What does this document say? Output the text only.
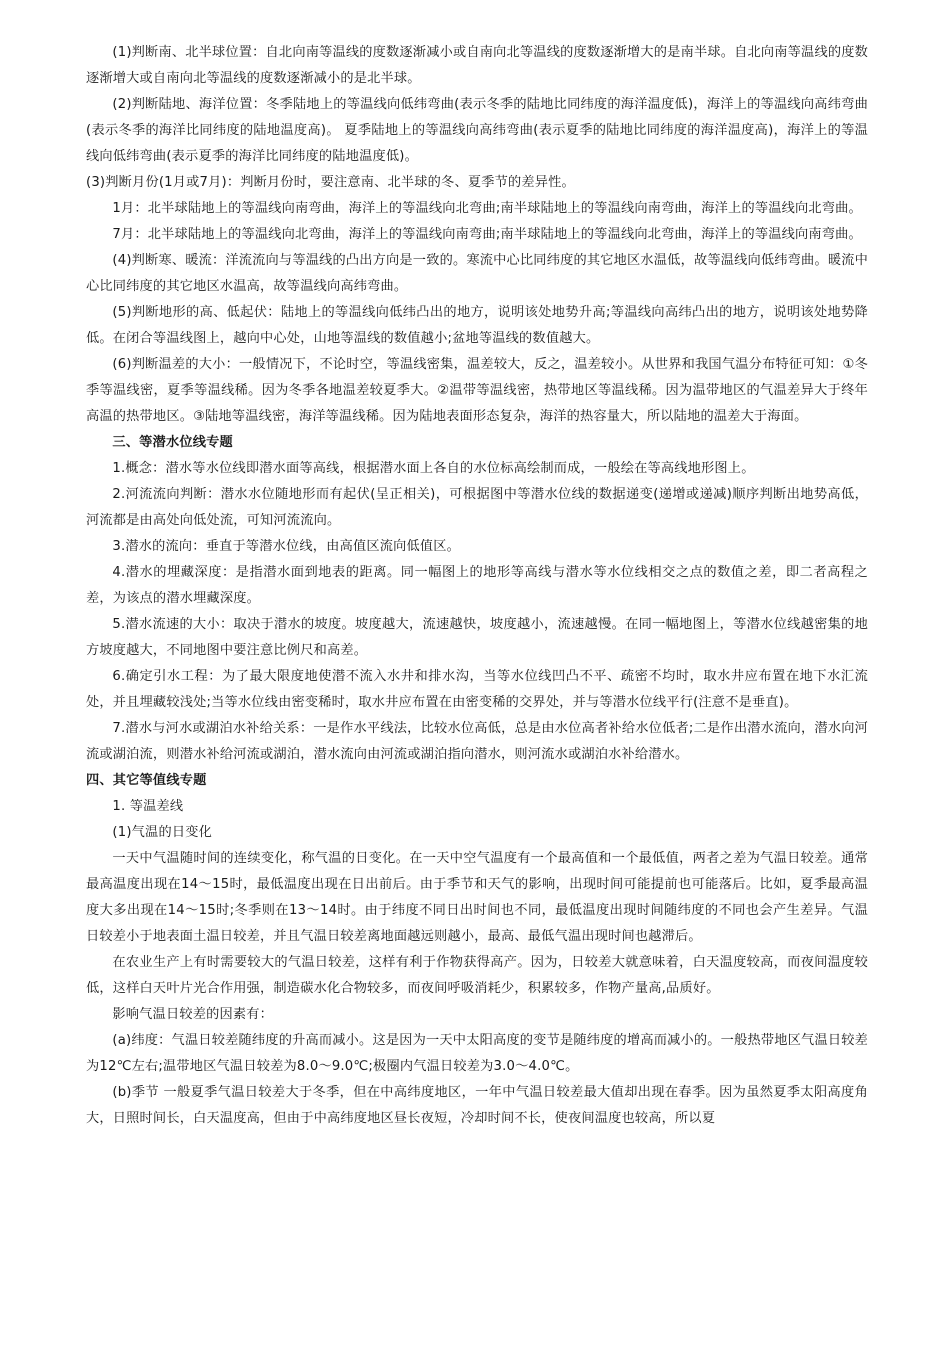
(1)判断南、北半球位置：自北向南等温线的度数逐渐减小或自南向北等温线的度数逐渐增大的是南半球。自北向南等温线的度数逐渐增大或自南向北等温线的度数逐渐减小的是北半球。

(2)判断陆地、海洋位置：冬季陆地上的等温线向低纬弯曲(表示冬季的陆地比同纬度的海洋温度低)，海洋上的等温线向高纬弯曲(表示冬季的海洋比同纬度的陆地温度高)。 夏季陆地上的等温线向高纬弯曲(表示夏季的陆地比同纬度的海洋温度高)，海洋上的等温线向低纬弯曲(表示夏季的海洋比同纬度的陆地温度低)。

(3)判断月份(1月或7月)：判断月份时，要注意南、北半球的冬、夏季节的差异性。

1月：北半球陆地上的等温线向南弯曲，海洋上的等温线向北弯曲;南半球陆地上的等温线向南弯曲，海洋上的等温线向北弯曲。

7月：北半球陆地上的等温线向北弯曲，海洋上的等温线向南弯曲;南半球陆地上的等温线向北弯曲，海洋上的等温线向南弯曲。

(4)判断寒、暖流：洋流流向与等温线的凸出方向是一致的。寒流中心比同纬度的其它地区水温低，故等温线向低纬弯曲。暖流中心比同纬度的其它地区水温高，故等温线向高纬弯曲。

(5)判断地形的高、低起伏：陆地上的等温线向低纬凸出的地方，说明该处地势升高;等温线向高纬凸出的地方，说明该处地势降低。在闭合等温线图上，越向中心处，山地等温线的数值越小;盆地等温线的数值越大。

(6)判断温差的大小：一般情况下，不论时空，等温线密集，温差较大，反之，温差较小。从世界和我国气温分布特征可知：①冬季等温线密，夏季等温线稀。因为冬季各地温差较夏季大。②温带等温线密，热带地区等温线稀。因为温带地区的气温差异大于终年高温的热带地区。③陆地等温线密，海洋等温线稀。因为陆地表面形态复杂，海洋的热容量大，所以陆地的温差大于海面。

三、等潜水位线专题

1.概念：潜水等水位线即潜水面等高线，根据潜水面上各自的水位标高绘制而成，一般绘在等高线地形图上。

2.河流流向判断：潜水水位随地形而有起伏(呈正相关)，可根据图中等潜水位线的数据递变(递增或递减)顺序判断出地势高低，河流都是由高处向低处流，可知河流流向。

3.潜水的流向：垂直于等潜水位线，由高值区流向低值区。

4.潜水的埋藏深度：是指潜水面到地表的距离。同一幅图上的地形等高线与潜水等水位线相交之点的数值之差，即二者高程之差，为该点的潜水埋藏深度。

5.潜水流速的大小：取决于潜水的坡度。坡度越大，流速越快，坡度越小，流速越慢。在同一幅地图上，等潜水位线越密集的地方坡度越大，不同地图中要注意比例尺和高差。

6.确定引水工程：为了最大限度地使潜不流入水井和排水沟，当等水位线凹凸不平、疏密不均时，取水井应布置在地下水汇流处，并且埋藏较浅处;当等水位线由密变稀时，取水井应布置在由密变稀的交界处，并与等潜水位线平行(注意不是垂直)。

7.潜水与河水或湖泊水补给关系：一是作水平线法，比较水位高低，总是由水位高者补给水位低者;二是作出潜水流向，潜水向河流或湖泊流，则潜水补给河流或湖泊，潜水流向由河流或湖泊指向潜水，则河流水或湖泊水补给潜水。

四、其它等值线专题

1. 等温差线

(1)气温的日变化

一天中气温随时间的连续变化，称气温的日变化。在一天中空气温度有一个最高值和一个最低值，两者之差为气温日较差。通常最高温度出现在14～15时，最低温度出现在日出前后。由于季节和天气的影响，出现时间可能提前也可能落后。比如，夏季最高温度大多出现在14～15时;冬季则在13～14时。由于纬度不同日出时间也不同，最低温度出现时间随纬度的不同也会产生差异。气温日较差小于地表面土温日较差，并且气温日较差离地面越远则越小，最高、最低气温出现时间也越滞后。

在农业生产上有时需要较大的气温日较差，这样有利于作物获得高产。因为，日较差大就意味着，白天温度较高，而夜间温度较低，这样白天叶片光合作用强，制造碳水化合物较多，而夜间呼吸消耗少，积累较多，作物产量高,品质好。

影响气温日较差的因素有：

(a)纬度：气温日较差随纬度的升高而减小。这是因为一天中太阳高度的变节是随纬度的增高而减小的。一般热带地区气温日较差为12℃左右;温带地区气温日较差为8.0～9.0℃;极圈内气温日较差为3.0～4.0℃。

(b)季节 一般夏季气温日较差大于冬季，但在中高纬度地区，一年中气温日较差最大值却出现在春季。因为虽然夏季太阳高度角大，日照时间长，白天温度高，但由于中高纬度地区昼长夜短，冷却时间不长，使夜间温度也较高，所以夏
